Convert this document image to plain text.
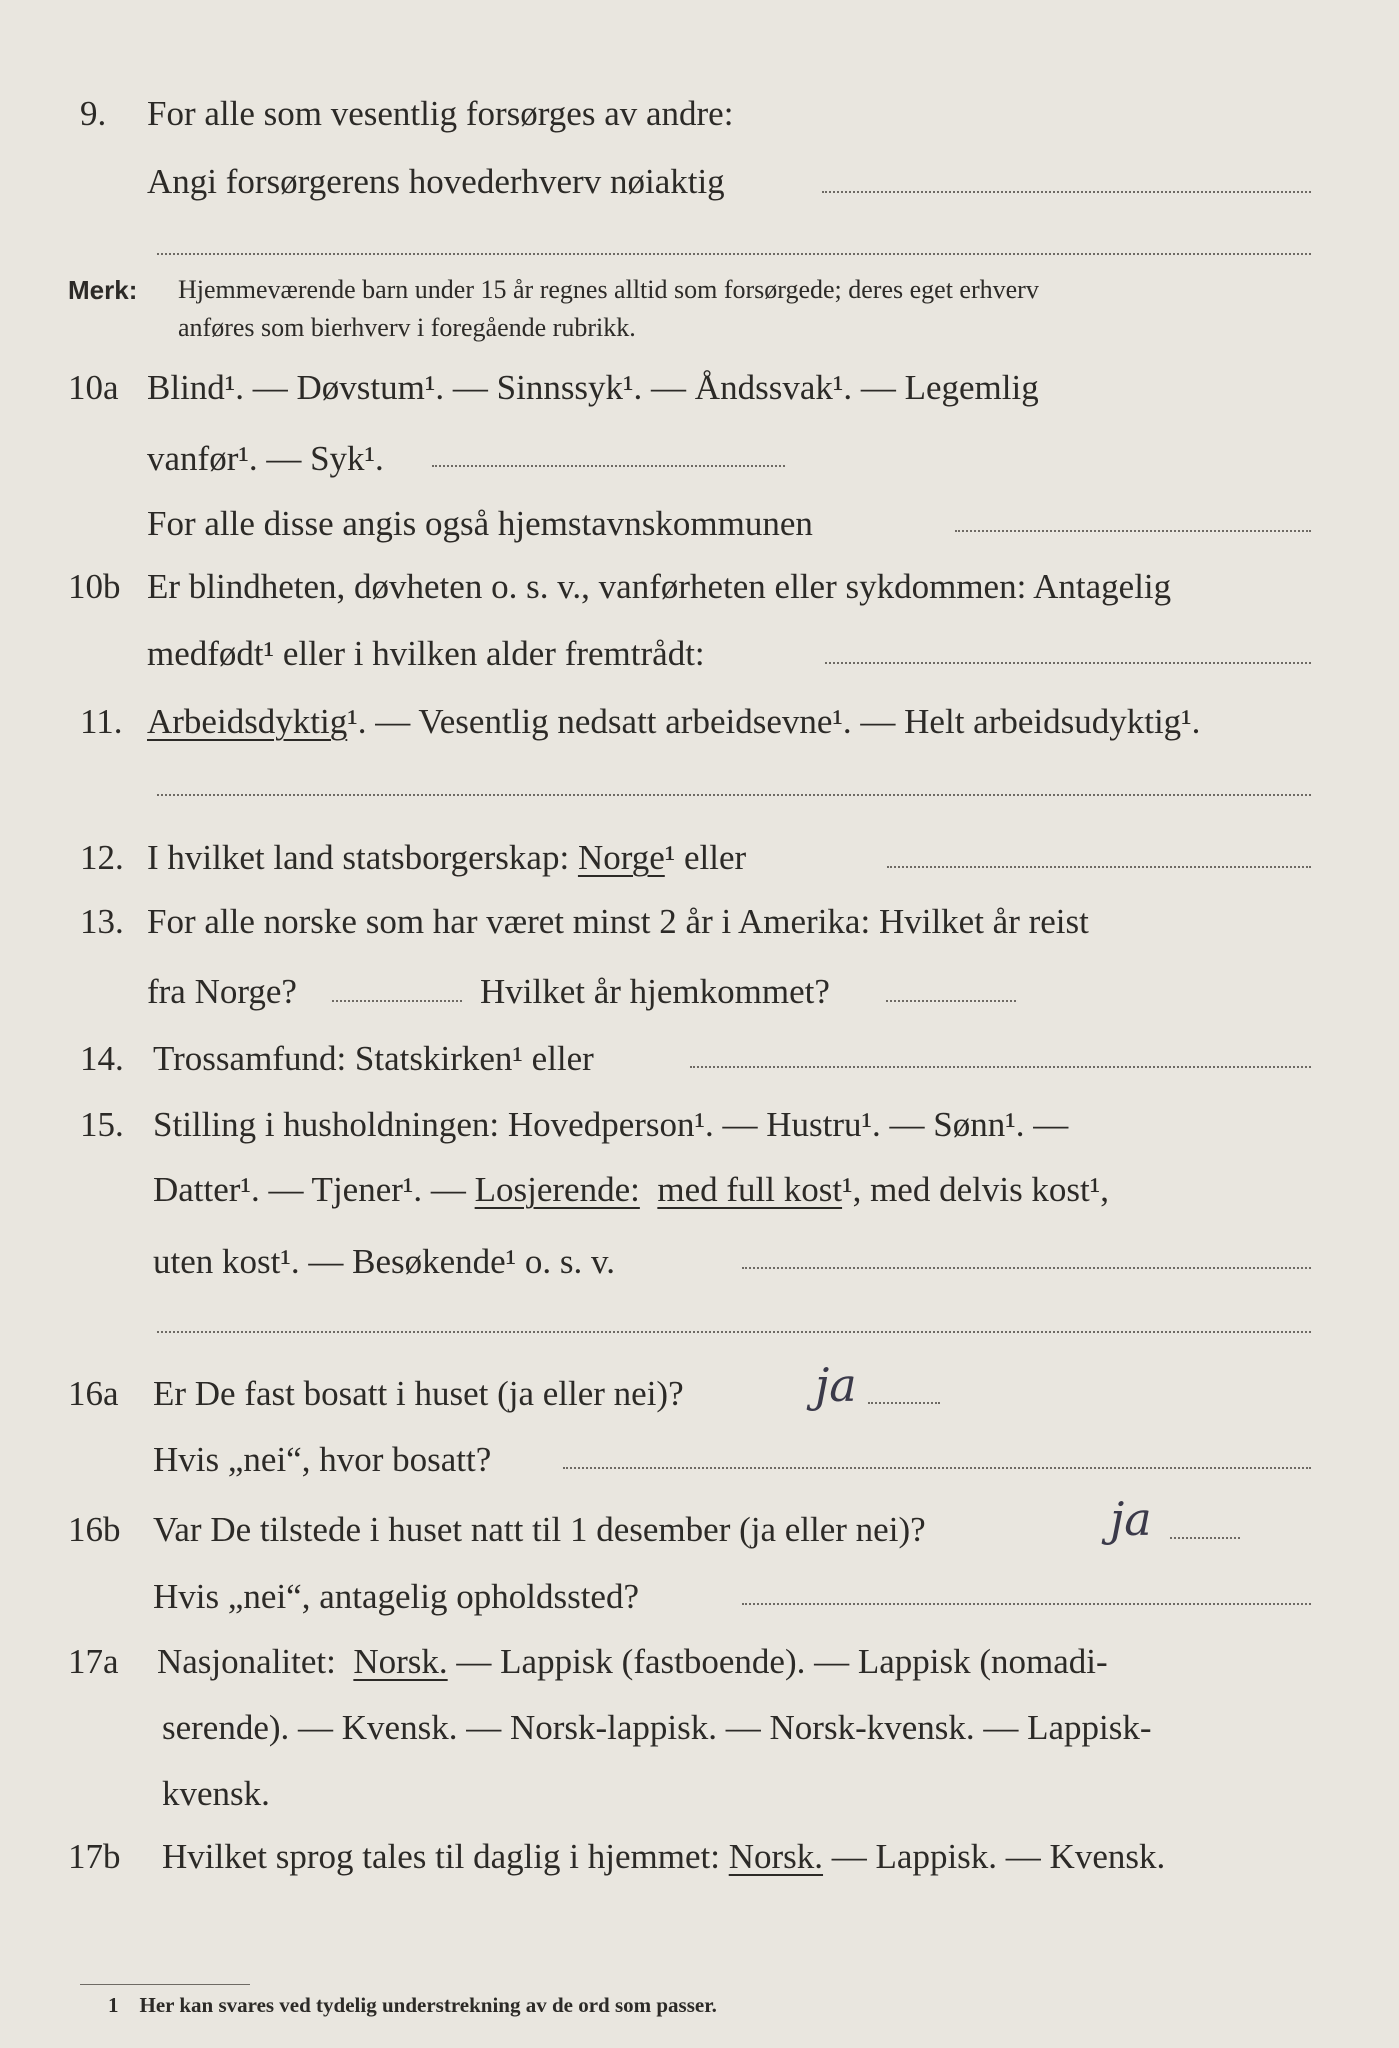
9. For alle som vesentlig forsørges av andre:
Angi forsørgerens hovederhverv nøiaktig
Merk: Hjemmeværende barn under 15 år regnes alltid som forsørgede; deres eget erhverv
anføres som bierhverv i foregående rubrikk.
10a Blind¹. — Døvstum¹. — Sinnssyk¹. — Åndssvak¹. — Legemlig
vanfør¹. — Syk¹.
For alle disse angis også hjemstavnskommunen
10b Er blindheten, døvheten o. s. v., vanførheten eller sykdommen: Antagelig
medfødt¹ eller i hvilken alder fremtrådt:
11. Arbeidsdyktig¹. — Vesentlig nedsatt arbeidsevne¹. — Helt arbeidsudyktig¹.
12. I hvilket land statsborgerskap: Norge¹ eller
13. For alle norske som har været minst 2 år i Amerika: Hvilket år reist
fra Norge?	Hvilket år hjemkommet?
14. Trossamfund: Statskirken¹ eller
15. Stilling i husholdningen: Hovedperson¹. — Hustru¹. — Sønn¹. —
Datter¹. — Tjener¹. — Losjerende: med full kost¹, med delvis kost¹,
uten kost¹. — Besøkende¹ o. s. v.
16a Er De fast bosatt i huset (ja eller nei)?	ja
Hvis „nei“, hvor bosatt?
16b Var De tilstede i huset natt til 1 desember (ja eller nei)?	ja
Hvis „nei“, antagelig opholdssted?
17a Nasjonalitet: Norsk. — Lappisk (fastboende). — Lappisk (nomadi-
serende). — Kvensk. — Norsk-lappisk. — Norsk-kvensk. — Lappisk-
kvensk.
17b Hvilket sprog tales til daglig i hjemmet: Norsk. — Lappisk. — Kvensk.
1 Her kan svares ved tydelig understrekning av de ord som passer.
